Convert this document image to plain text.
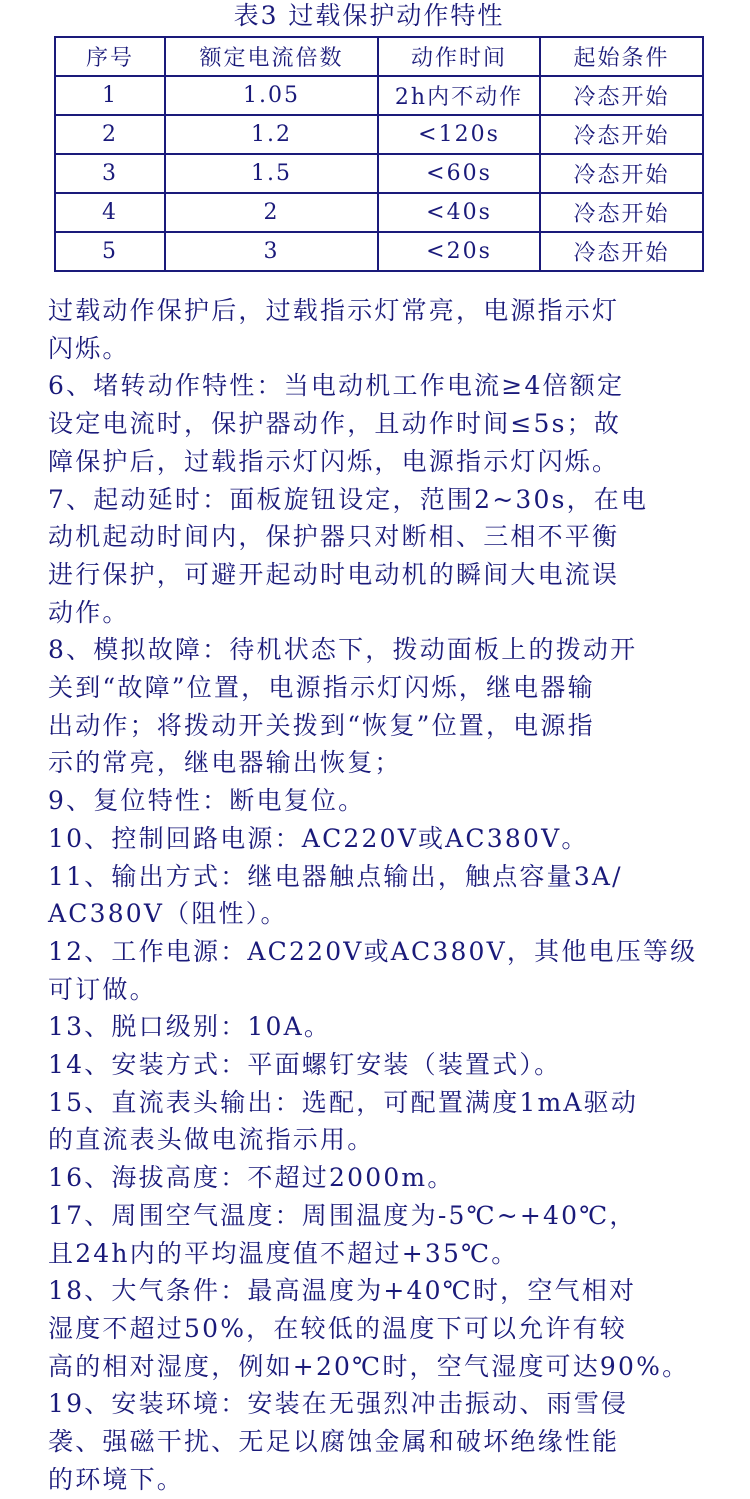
表3 过载保护动作特性
序号	额定电流倍数	动作时间	起始条件
1	1.05	2h内不动作	冷态开始
2	1.2	<120s	冷态开始
3	1.5	<60s	冷态开始
4	2	<40s	冷态开始
5	3	<20s	冷态开始

过载动作保护后，过载指示灯常亮，电源指示灯

闪烁。

6、堵转动作特性：当电动机工作电流≥4倍额定

设定电流时，保护器动作，且动作时间≤5s；故

障保护后，过载指示灯闪烁，电源指示灯闪烁。

7、起动延时：面板旋钮设定，范围2~30s，在电

动机起动时间内，保护器只对断相、三相不平衡

进行保护，可避开起动时电动机的瞬间大电流误

动作。

8、模拟故障：待机状态下，拨动面板上的拨动开

关到“故障”位置，电源指示灯闪烁，继电器输

出动作；将拨动开关拨到“恢复”位置，电源指

示的常亮，继电器输出恢复；

9、复位特性：断电复位。

10、控制回路电源：AC220V或AC380V。

11、输出方式：继电器触点输出，触点容量3A/

AC380V（阻性）。

12、工作电源：AC220V或AC380V，其他电压等级

可订做。

13、脱口级别：10A。

14、安装方式：平面螺钉安装（装置式）。

15、直流表头输出：选配，可配置满度1mA驱动

的直流表头做电流指示用。

16、海拔高度：不超过2000m。

17、周围空气温度：周围温度为-5℃~+40℃，

且24h内的平均温度值不超过+35℃。

18、大气条件：最高温度为+40℃时，空气相对

湿度不超过50%，在较低的温度下可以允许有较

高的相对湿度，例如+20℃时，空气湿度可达90%。

19、安装环境：安装在无强烈冲击振动、雨雪侵

袭、强磁干扰、无足以腐蚀金属和破坏绝缘性能

的环境下。
